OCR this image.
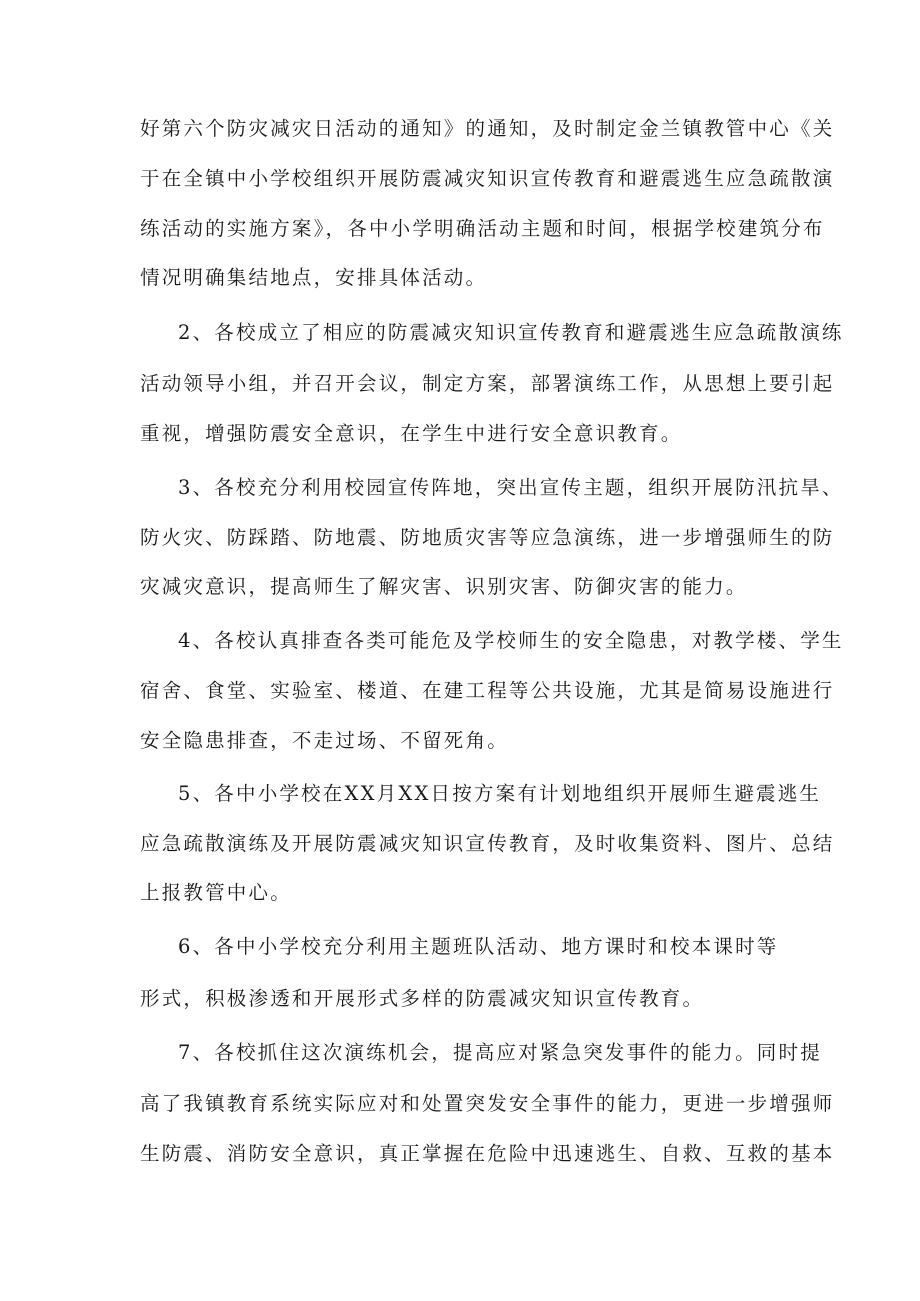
好第六个防灾减灾日活动的通知》的通知，及时制定金兰镇教管中心《关
于在全镇中小学校组织开展防震减灾知识宣传教育和避震逃生应急疏散演
练活动的实施方案》，各中小学明确活动主题和时间，根据学校建筑分布
情况明确集结地点，安排具体活动。
2、各校成立了相应的防震减灾知识宣传教育和避震逃生应急疏散演练
活动领导小组，并召开会议，制定方案，部署演练工作，从思想上要引起
重视，增强防震安全意识，在学生中进行安全意识教育。
3、各校充分利用校园宣传阵地，突出宣传主题，组织开展防汛抗旱、
防火灾、防踩踏、防地震、防地质灾害等应急演练，进一步增强师生的防
灾减灾意识，提高师生了解灾害、识别灾害、防御灾害的能力。
4、各校认真排查各类可能危及学校师生的安全隐患，对教学楼、学生
宿舍、食堂、实验室、楼道、在建工程等公共设施，尤其是简易设施进行
安全隐患排查，不走过场、不留死角。
5、各中小学校在XX月XX日按方案有计划地组织开展师生避震逃生
应急疏散演练及开展防震减灾知识宣传教育，及时收集资料、图片、总结
上报教管中心。
6、各中小学校充分利用主题班队活动、地方课时和校本课时等
形式，积极渗透和开展形式多样的防震减灾知识宣传教育。
7、各校抓住这次演练机会，提高应对紧急突发事件的能力。同时提
高了我镇教育系统实际应对和处置突发安全事件的能力，更进一步增强师
生防震、消防安全意识，真正掌握在危险中迅速逃生、自救、互救的基本
